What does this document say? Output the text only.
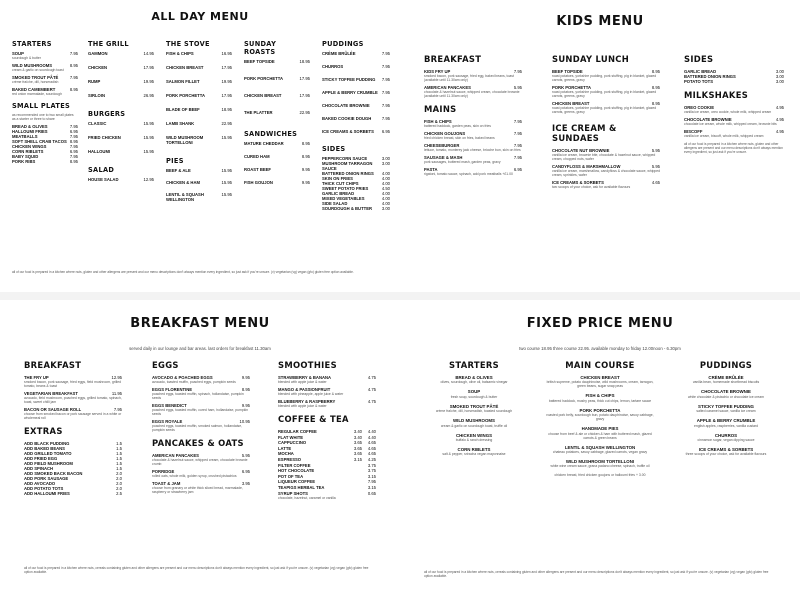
ALL DAY MENU
STARTERS
SOUP	7.95
sourdough & butter
WILD MUSHROOMS	8.95
cream & garlic on sourdough toast
SMOKED TROUT PÂTÉ	7.95
crème fraîche, dill, horseradish
BAKED CAMEMBERT	8.95
red onion marmalade, sourdough
SMALL PLATES
as recommended one to two small plates as a starter or three to share
BREAD & OLIVES	7.95
HALLOUMI FRIES	6.95
MEATBALLS	7.95
SOFT SHELL CRAB TACOS 8.95
CHICKEN WINGS	7.95
CORN RIBLETS	6.95
BABY SQUID	7.95
PORK RIBS	8.95
THE GRILL
GAMMON	14.95
CHICKEN	17.95
RUMP	19.95
SIRLOIN	26.95
BURGERS
CLASSIC	15.95
FRIED CHICKEN	15.95
HALLOUMI	15.95
SALAD
HOUSE SALAD	12.95
THE STOVE
FISH & CHIPS	16.95
CHICKEN BREAST	17.95
SALMON FILLET	19.95
PORK PORCHETTA	17.95
BLADE OF BEEF	18.95
LAMB SHANK	22.95
WILD MUSHROOM TORTELLONI
15.95
PIES
BEEF & ALE	15.95
CHICKEN & HAM	15.95
LENTIL & SQUASH WELLINGTON
15.95
SUNDAY ROASTS
BEEF TOPSIDE	18.95
PORK PORCHETTA	17.95
CHICKEN BREAST	17.95
THE PLATTER	22.95
SANDWICHES
MATURE CHEDDAR	8.95
CURED HAM	8.95
ROAST BEEF	9.95
FISH GOUJON	9.95
PUDDINGS
CRÈME BRÛLÉE	7.95
CHURROS	7.95
STICKY TOFFEE PUDDING 7.95
APPLE & BERRY CRUMBLE 7.95
CHOCOLATE BROWNIE	7.95
BAKED COOKIE DOUGH	7.95
ICE CREAMS & SORBETS 6.95
SIDES
PEPPERCORN SAUCE	3.00
MUSHROOM TARRAGON SAUCE
3.00
BATTERED ONION RINGS 4.00
SKIN ON FRIES	4.00
THICK CUT CHIPS	4.00
SWEET POTATO FRIES	4.50
GARLIC BREAD	4.00
MIXED VEGETABLES	4.00
SIDE SALAD	4.00
SOURDOUGH & BUTTER 3.00
all of our food is prepared in a kitchen where nuts, gluten and other allergens are present and our menu descriptions don't always mention every ingredient, so just ask if you're unsure. (v) vegetarian (vg) vegan (gfo) gluten free option available.
KIDS MENU
BREAKFAST
KIDS FRY UP	7.95
smoked bacon, pork sausage, fried egg, baked beans, toast (available until 11.30am only)
AMERICAN PANCAKES	5.95
chocolate & hazelnut sauce, whipped cream, chocolate brownie (available until 11.30am only)
MAINS
FISH & CHIPS	7.95
battered haddock, garden peas, skin on fries
CHICKEN GOUJONS	7.95
fried chicken breast, skin on fries, baked beans
CHEESEBURGER	7.95
lettuce, tomato, monterey jack cheese, brioche bun, skin on fries
SAUSAGE & MASH	7.95
pork sausages, buttered mash, garden peas, gravy
PASTA	6.95
rigatoni, tomato sauce, spinach, add pork meatballs +£1.00
SUNDAY LUNCH
BEEF TOPSIDE	8.95
roast potatoes, yorkshire pudding, pork stuffing, pig in blanket, glazed carrots, greens, gravy
PORK PORCHETTA	8.95
roast potatoes, yorkshire pudding, pork stuffing, pig in blanket, glazed carrots, greens, gravy
CHICKEN BREAST	8.95
roast potatoes, yorkshire pudding, pork stuffing, pig in blanket, glazed carrots, greens, gravy
ICE CREAM & SUNDAES
CHOCOLATE NUT BROWNIE	5.95
vanilla ice cream, brownie bite, chocolate & hazelnut sauce, whipped cream, chopped nuts, wafer
CANDYFLOSS & MARSHMALLOW	5.95
vanilla ice cream, marshmallow, candyfloss & chocolate sauce, whipped cream, sprinkles, wafer
ICE CREAMS & SORBETS	4.65
two scoops of your choice, ask for available flavours
SIDES
GARLIC BREAD	3.00
BATTERED ONION RINGS	3.00
POTATO TOTS	3.00
MILKSHAKES
OREO COOKIE	4.95
vanilla ice cream, oreo cookie, whole milk, whipped cream
CHOCOLATE BROWNIE	4.95
chocolate ice cream, whole milk, whipped cream, brownie bits
BISCOFF	4.95
vanilla ice cream, biscoff, whole milk, whipped cream
all of our food is prepared in a kitchen where nuts, gluten and other allergens are present and our menu descriptions don't always mention every ingredient, so just ask if you're unsure.
BREAKFAST MENU
served daily in our lounge and bar areas. last orders for breakfast 11.30am
BREAKFAST
THE FRY UP	12.95
smoked bacon, pork sausage, fried eggs, field mushroom, grilled tomato, beans & toast
VEGETARIAN BREAKFAST	11.95
avocado, field mushroom, poached eggs, grilled tomato, spinach, toast, sweet chilli jam
BACON OR SAUSAGE ROLL	7.95
choose from smoked bacon or pork sausage served in a white or wholemeal roll
EXTRAS
ADD BLACK PUDDING	1.5
ADD BAKED BEANS	1.5
ADD GRILLED TOMATO	1.5
ADD FRIED EGG	1.5
ADD FIELD MUSHROOM	1.5
ADD SPINACH	1.5
ADD SMOKED BACK BACON	2.0
ADD PORK SAUSAGE	2.0
ADD AVOCADO	2.0
ADD POTATO TOTS	2.0
ADD HALLOUMI FRIES	2.5
EGGS
AVOCADO & POACHED EGGS	9.95
avocado, toasted muffin, poached eggs, pumpkin seeds
EGGS FLORENTINE	8.95
poached eggs, toasted muffin, spinach, hollandaise, pumpkin seeds
EGGS BENEDICT	9.95
poached eggs, toasted muffin, cured ham, hollandaise, pumpkin seeds
EGGS ROYALE	10.95
poached eggs, toasted muffin, smoked salmon, hollandaise, pumpkin seeds
PANCAKES & OATS
AMERICAN PANCAKES	5.95
chocolate & hazelnut sauce, whipped cream, chocolate brownie crumb
PORRIDGE	6.95
rolled oats, whole milk, golden syrup, crushed pistachios
TOAST & JAM	3.95
choose from granary or white thick sliced bread, marmalade, raspberry or strawberry jam
SMOOTHIES
STRAWBERRY & BANANA	4.75
blended with apple juice & water
MANGO & PASSIONFRUIT	4.75
blended with pineapple, apple juice & water
BLUEBERRY & RASPBERRY	4.75
blended with apple juice & water
COFFEE & TEA
REGULAR COFFEE	3.40 4.40
FLAT WHITE	3.40 4.40
CAPPUCCINO	3.65 4.65
LATTE	3.65 4.65
MOCHA	3.65 4.65
ESPRESSO	3.15 4.25
FILTER COFFEE	3.75
HOT CHOCOLATE	3.75
POT OF TEA	3.15
LIQUEUR COFFEE	7.95
TEAPIGS HERBAL TEA	3.15
SYRUP SHOTS	0.65
chocolate, hazelnut, caramel or vanilla
all of our food is prepared in a kitchen where nuts, cereals containing gluten and other allergens are present and our menu descriptions don't always mention every ingredient, so just ask if you're unsure. (v) vegetarian (vg) vegan (gfo) gluten free option available.
FIXED PRICE MENU
two course 18.95 three course 22.95. available monday to friday 12.00noon - 6.30pm
STARTERS
BREAD & OLIVES
olives, sourdough, olive oil, balsamic vinegar
SOUP
fresh soup, sourdough & butter
SMOKED TROUT PÂTÉ
crème fraîche, dill, horseradish, toasted sourdough
WILD MUSHROOMS
cream & garlic on sourdough toast, truffle oil
CHICKEN WINGS
buffalo & ranch dressing
CORN RIBLETS
salt & pepper, sriracha vegan mayonnaise
MAIN COURSE
CHICKEN BREAST
british supreme, potato dauphinoise, wild mushrooms, cream, tarragon, green beans, sugar snap peas
FISH & CHIPS
battered haddock, mushy peas, thick cut chips, lemon, tartare sauce
PORK PORCHETTA
roasted pork belly, sourdough bun, potato dauphinoise, savoy cabbage, gravy
HANDMADE PIES
choose from beef & ale or chicken & ham with buttered mash, glazed carrots & green beans
LENTIL & SQUASH WELLINGTON
chateau potatoes, savoy cabbage, glazed carrots, vegan gravy
WILD MUSHROOM TORTELLONI
white wine cream sauce, grana padano cheese, spinach, truffle oil
chicken breast, fried chicken goujons or halloumi fries + 3.00
PUDDINGS
CRÈME BRÛLÉE
vanilla bean, homemade shortbread biscuits
CHOCOLATE BROWNIE
white chocolate & pistachio or chocolate ice cream
STICKY TOFFEE PUDDING
salted caramel sauce, vanilla ice cream
APPLE & BERRY CRUMBLE
english apples, raspberries, vanilla custard
CHURROS
cinnamon sugar, vegan dipping sauce
ICE CREAMS & SORBETS
three scoops of your choice, ask for available flavours
all of our food is prepared in a kitchen where nuts, cereals containing gluten and other allergens are present and our menu descriptions don't always mention every ingredient, so just ask if you're unsure. (v) vegetarian (vg) vegan (gfo) gluten free option available.
